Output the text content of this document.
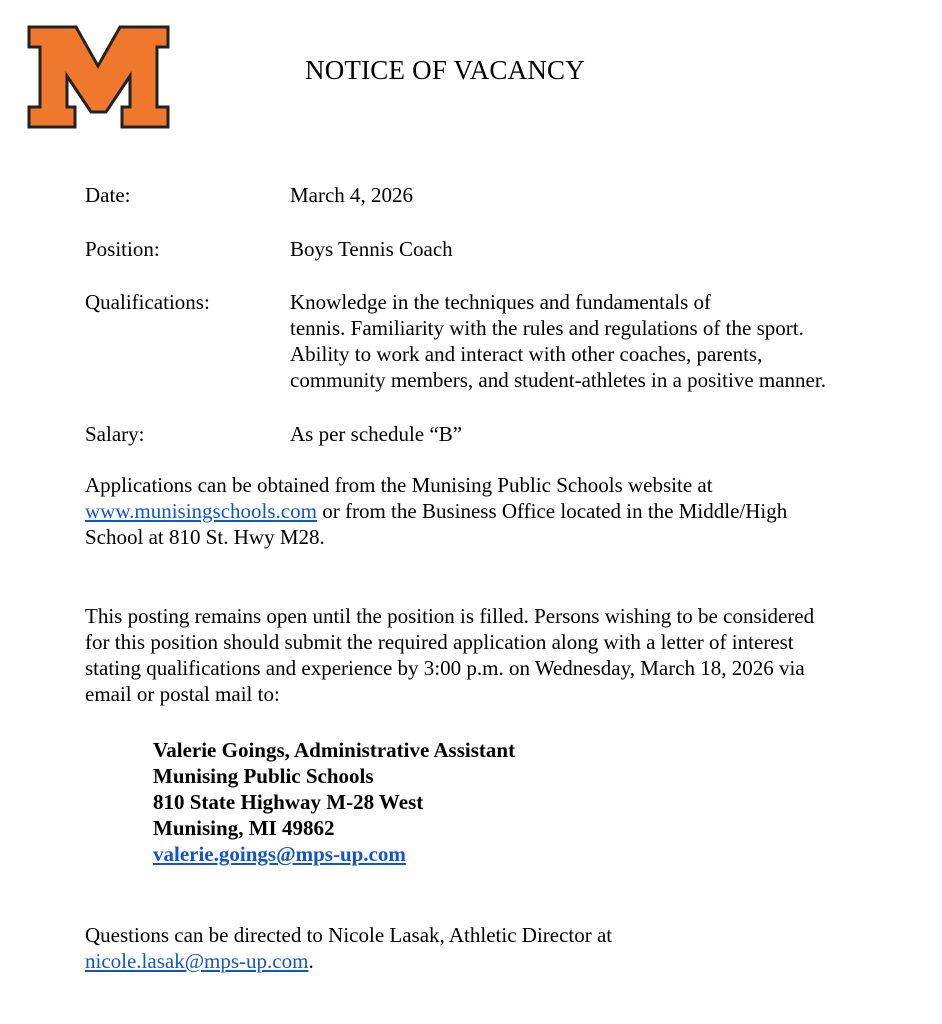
NOTICE OF VACANCY
Date:	March 4, 2026
Position:	Boys Tennis Coach
Qualifications:	Knowledge in the techniques and fundamentals of
tennis. Familiarity with the rules and regulations of the sport.
Ability to work and interact with other coaches, parents,
community members, and student-athletes in a positive manner.
Salary:	As per schedule “B”

Applications can be obtained from the Munising Public Schools website at
www.munisingschools.com or from the Business Office located in the Middle/High
School at 810 St. Hwy M28.

This posting remains open until the position is filled. Persons wishing to be considered
for this position should submit the required application along with a letter of interest
stating qualifications and experience by 3:00 p.m. on Wednesday, March 18, 2026 via
email or postal mail to:

Valerie Goings, Administrative Assistant
Munising Public Schools
810 State Highway M-28 West
Munising, MI 49862
valerie.goings@mps-up.com

Questions can be directed to Nicole Lasak, Athletic Director at
nicole.lasak@mps-up.com.
